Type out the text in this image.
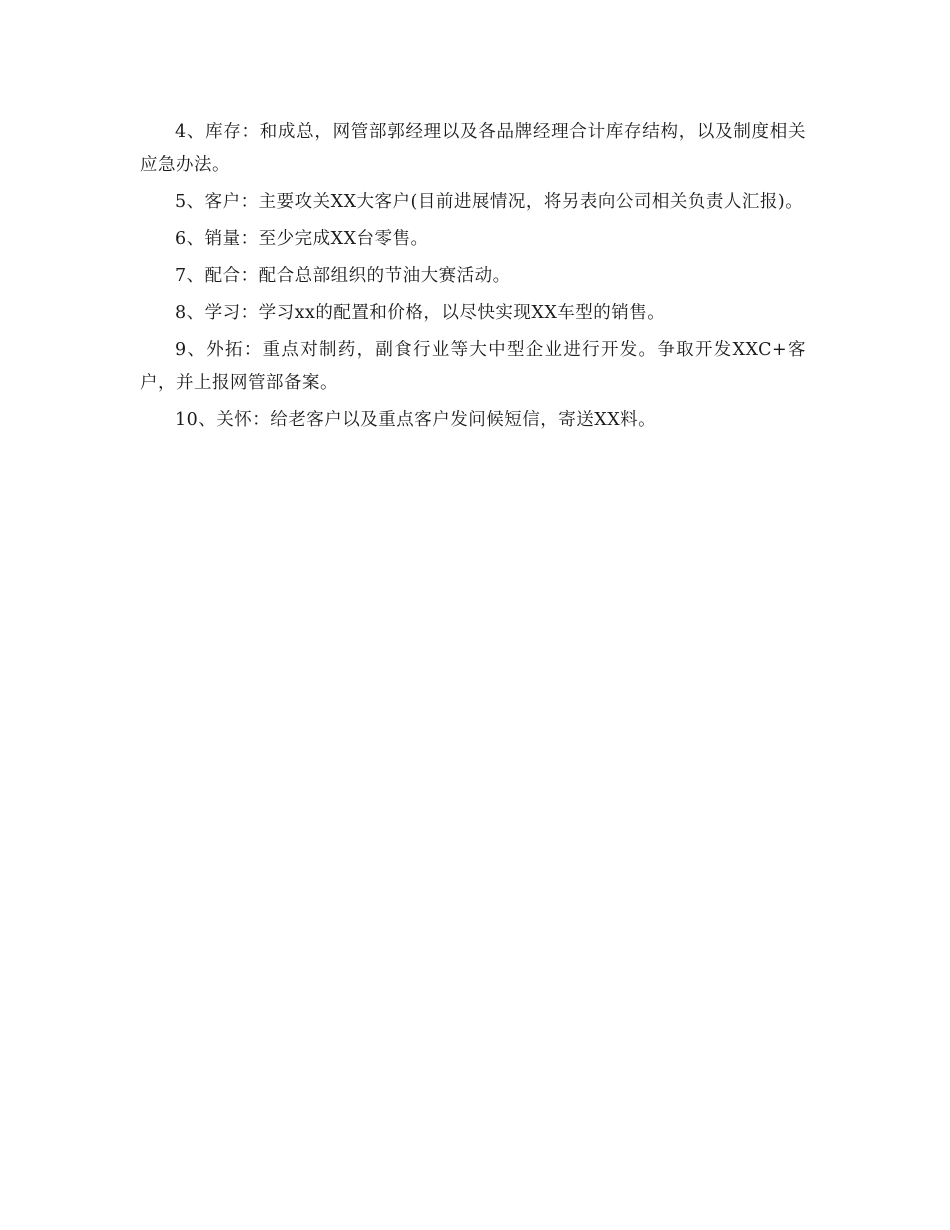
4、库存：和成总，网管部郭经理以及各品牌经理合计库存结构，以及制度相关应急办法。

5、客户：主要攻关XX大客户(目前进展情况，将另表向公司相关负责人汇报)。

6、销量：至少完成XX台零售。

7、配合：配合总部组织的节油大赛活动。

8、学习：学习xx的配置和价格，以尽快实现XX车型的销售。

9、外拓：重点对制药，副食行业等大中型企业进行开发。争取开发XXC+客户，并上报网管部备案。

10、关怀：给老客户以及重点客户发问候短信，寄送XX料。
